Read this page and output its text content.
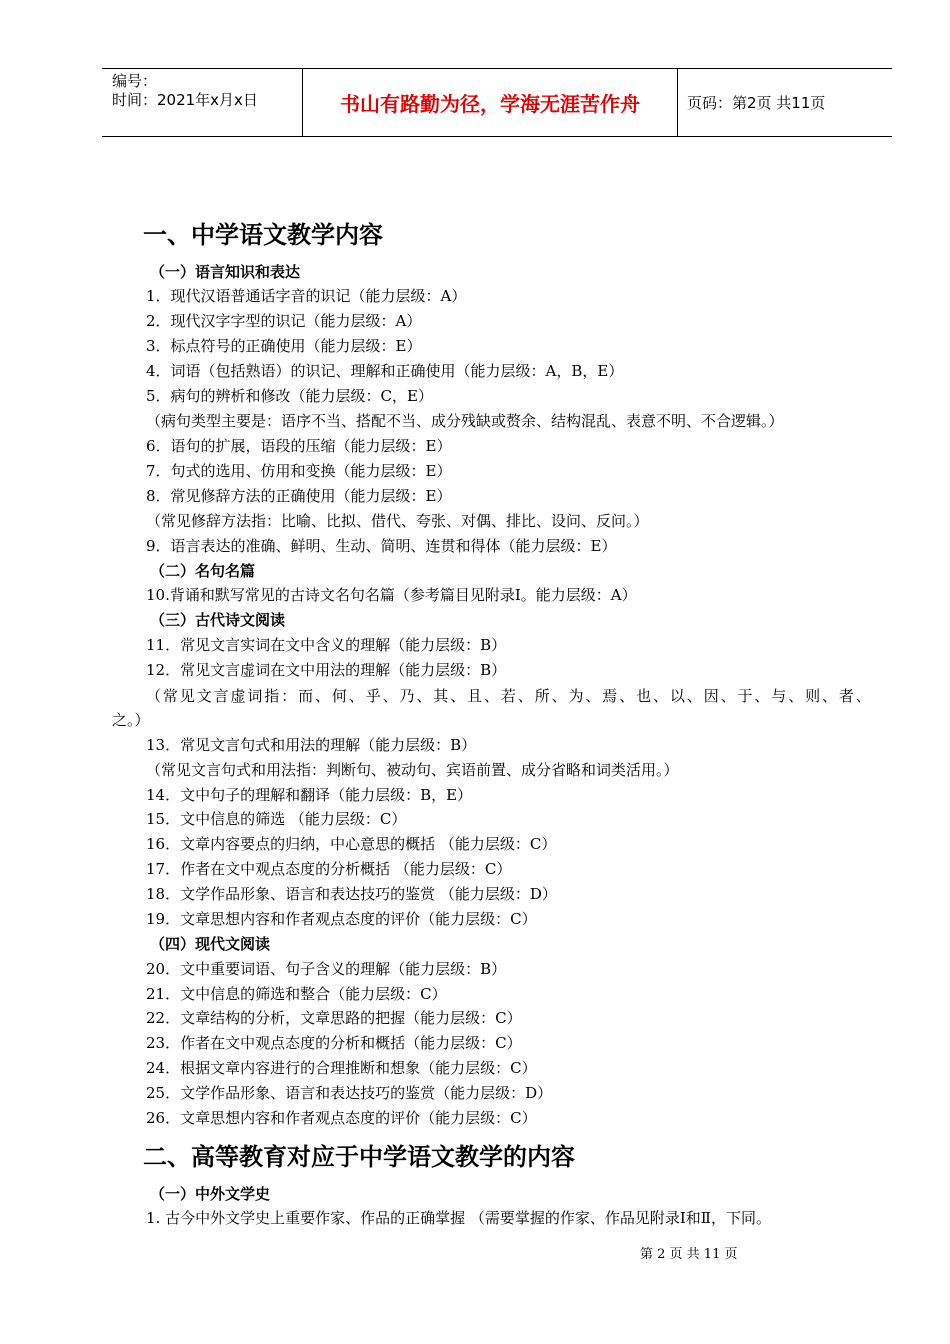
编号：
时间：2021年x月x日	书山有路勤为径，学海无涯苦作舟	页码：第2页 共11页
一、中学语文教学内容
（一）语言知识和表达
1．现代汉语普通话字音的识记（能力层级：A）
2．现代汉字字型的识记（能力层级：A）
3．标点符号的正确使用（能力层级：E）
4．词语（包括熟语）的识记、理解和正确使用（能力层级：A，B，E）
5．病句的辨析和修改（能力层级：C，E）
（病句类型主要是：语序不当、搭配不当、成分残缺或赘余、结构混乱、表意不明、不合逻辑。）
6．语句的扩展，语段的压缩（能力层级：E）
7．句式的选用、仿用和变换（能力层级：E）
8．常见修辞方法的正确使用（能力层级：E）
（常见修辞方法指：比喻、比拟、借代、夸张、对偶、排比、设问、反问。）
9．语言表达的准确、鲜明、生动、简明、连贯和得体（能力层级：E）
（二）名句名篇
10.背诵和默写常见的古诗文名句名篇（参考篇目见附录Ⅰ。能力层级：A）
（三）古代诗文阅读
11．常见文言实词在文中含义的理解（能力层级：B）
12．常见文言虚词在文中用法的理解（能力层级：B）
（常见文言虚词指：而、何、乎、乃、其、且、若、所、为、焉、也、以、因、于、与、则、者、
之。）
13．常见文言句式和用法的理解（能力层级：B）
（常见文言句式和用法指：判断句、被动句、宾语前置、成分省略和词类活用。）
14．文中句子的理解和翻译（能力层级：B，E）
15．文中信息的筛选 （能力层级：C）
16．文章内容要点的归纳，中心意思的概括 （能力层级：C）
17．作者在文中观点态度的分析概括 （能力层级：C）
18．文学作品形象、语言和表达技巧的鉴赏 （能力层级：D）
19．文章思想内容和作者观点态度的评价（能力层级：C）
（四）现代文阅读
20．文中重要词语、句子含义的理解（能力层级：B）
21．文中信息的筛选和整合（能力层级：C）
22．文章结构的分析，文章思路的把握（能力层级：C）
23．作者在文中观点态度的分析和概括（能力层级：C）
24．根据文章内容进行的合理推断和想象（能力层级：C）
25．文学作品形象、语言和表达技巧的鉴赏（能力层级：D）
26．文章思想内容和作者观点态度的评价（能力层级：C）
二、高等教育对应于中学语文教学的内容
（一）中外文学史
1. 古今中外文学史上重要作家、作品的正确掌握 （需要掌握的作家、作品见附录Ⅰ和Ⅱ，下同。
第 2 页 共 11 页
